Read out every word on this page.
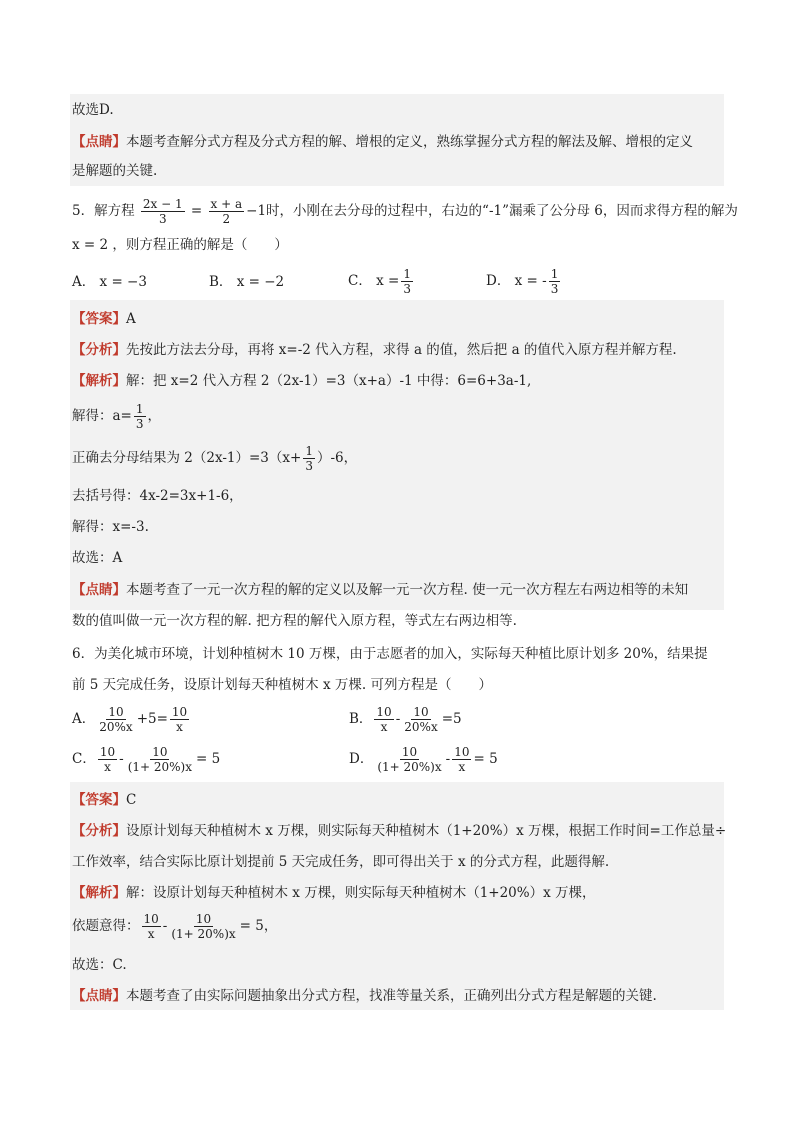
故选D.
【点睛】本题考查解分式方程及分式方程的解、增根的定义，熟练掌握分式方程的解法及解、增根的定义
是解题的关键.
5．解方程 $\frac{2x - 1}{3} = \frac{x + a}{2} -1$时，小刚在去分母的过程中，右边的“-1”漏乘了公分母 6，因而求得方程的解为
x = 2 ，则方程正确的解是（　　）
A． x = −3	B． x = −2	C． $x = \frac{1}{3}$	D． x = - $\frac{1}{3}$
【答案】A
【分析】先按此方法去分母，再将 x=-2 代入方程，求得 a 的值，然后把 a 的值代入原方程并解方程.
【解析】解：把 x=2 代入方程 2（2x-1）=3（x+a）-1 中得：6=6+3a-1,
解得：$a= \frac{1}{3}$ ，
正确去分母结果为 $2(2x-1)=3(x+ \frac{1}{3} )-6$，
去括号得：4x-2=3x+1-6，
解得：x=-3.
故选：A
【点睛】本题考查了一元一次方程的解的定义以及解一元一次方程. 使一元一次方程左右两边相等的未知
数的值叫做一元一次方程的解. 把方程的解代入原方程，等式左右两边相等.
6．为美化城市环境，计划种植树木 10 万棵，由于志愿者的加入，实际每天种植比原计划多 20%，结果提
前 5 天完成任务，设原计划每天种植树木 x 万棵. 可列方程是（　　）
A． $\frac{10}{20\%x} +5= \frac{10}{x}$	B． $\frac{10}{x} - \frac{10}{20\%x} =5$
C． $\frac{10}{x} - \frac{10}{(1+ 20\%)x} = 5$	D． $\frac{10}{(1+ 20\%)x} - \frac{10}{x} = 5$
【答案】C
【分析】设原计划每天种植树木 x 万棵，则实际每天种植树木（1+20%）x 万棵，根据工作时间=工作总量÷
工作效率，结合实际比原计划提前 5 天完成任务，即可得出关于 x 的分式方程，此题得解.
【解析】解：设原计划每天种植树木 x 万棵，则实际每天种植树木（1+20%）x 万棵，
依题意得： $\frac{10}{x} - \frac{10}{(1+ 20\%)x} = 5$，
故选：C.
【点睛】本题考查了由实际问题抽象出分式方程，找准等量关系，正确列出分式方程是解题的关键.
